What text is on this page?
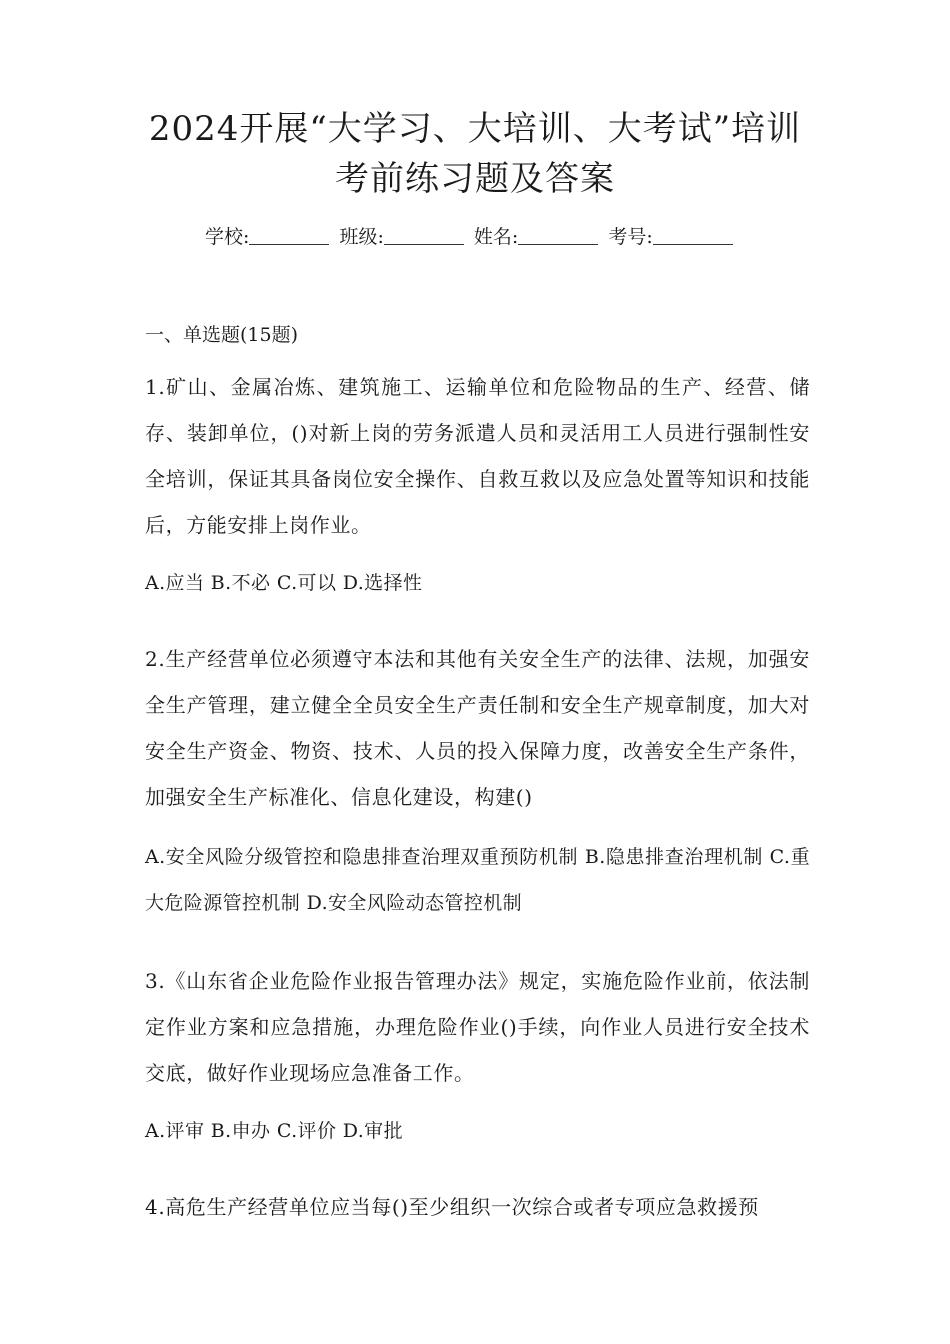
2024开展“大学习、大培训、大考试”培训
考前练习题及答案
学校:	班级:	姓名:	考号:
一、单选题(15题)
1.矿山、金属冶炼、建筑施工、运输单位和危险物品的生产、经营、储存、装卸单位，()对新上岗的劳务派遣人员和灵活用工人员进行强制性安全培训，保证其具备岗位安全操作、自救互救以及应急处置等知识和技能后，方能安排上岗作业。
A.应当 B.不必 C.可以 D.选择性
2.生产经营单位必须遵守本法和其他有关安全生产的法律、法规，加强安全生产管理，建立健全全员安全生产责任制和安全生产规章制度，加大对安全生产资金、物资、技术、人员的投入保障力度，改善安全生产条件，加强安全生产标准化、信息化建设，构建()
A.安全风险分级管控和隐患排查治理双重预防机制 B.隐患排查治理机制 C.重大危险源管控机制 D.安全风险动态管控机制
3.《山东省企业危险作业报告管理办法》规定，实施危险作业前，依法制定作业方案和应急措施，办理危险作业()手续，向作业人员进行安全技术交底，做好作业现场应急准备工作。
A.评审 B.申办 C.评价 D.审批
4.高危生产经营单位应当每()至少组织一次综合或者专项应急救援预
